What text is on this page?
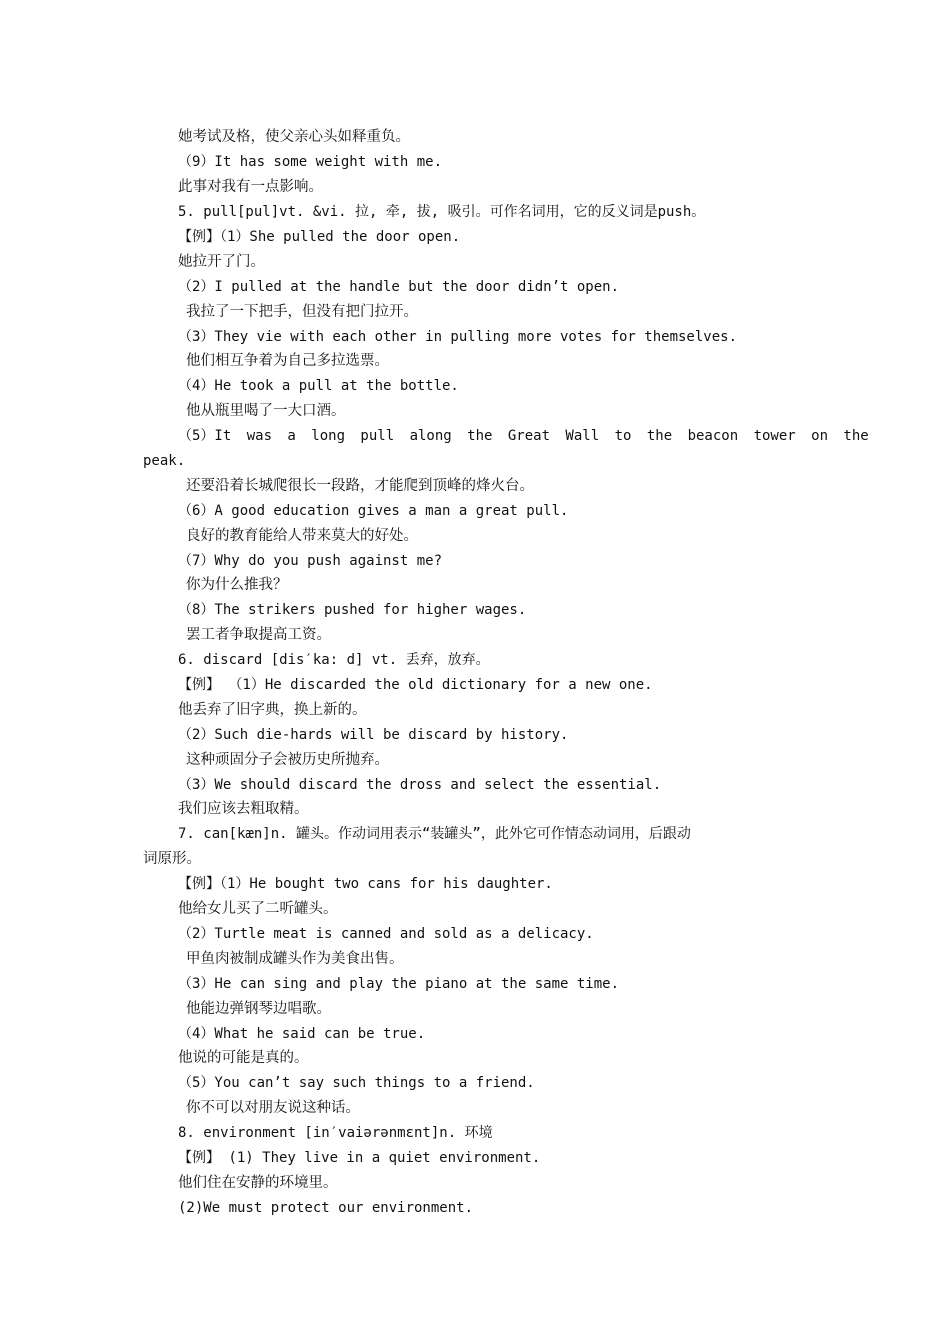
她考试及格，使父亲心头如释重负。
（9）It has some weight with me.
此事对我有一点影响。
5. pull[pul]vt. &vi. 拉, 牵, 拔, 吸引。可作名词用，它的反义词是push。
【例】（1）She pulled the door open.
她拉开了门。
（2）I pulled at the handle but the door didn’t open.
我拉了一下把手，但没有把门拉开。
（3）They vie with each other in pulling more votes for themselves.
他们相互争着为自己多拉选票。
（4）He took a pull at the bottle.
他从瓶里喝了一大口酒。
（5）It was a long pull along the Great Wall to the beacon tower on the
peak.
还要沿着长城爬很长一段路，才能爬到顶峰的烽火台。
（6）A good education gives a man a great pull.
良好的教育能给人带来莫大的好处。
（7）Why do you push against me?
你为什么推我？
（8）The strikers pushed for higher wages.
罢工者争取提高工资。
6. discard [dis′ka: d] vt. 丢弃，放弃。
【例】 （1）He discarded the old dictionary for a new one.
他丢弃了旧字典，换上新的。
（2）Such die-hards will be discard by history.
这种顽固分子会被历史所抛弃。
（3）We should discard the dross and select the essential.
我们应该去粗取精。
7. can[kæn]n. 罐头。作动词用表示“装罐头”，此外它可作情态动词用，后跟动
词原形。
【例】（1）He bought two cans for his daughter.
他给女儿买了二听罐头。
（2）Turtle meat is canned and sold as a delicacy.
甲鱼肉被制成罐头作为美食出售。
（3）He can sing and play the piano at the same time.
他能边弹钢琴边唱歌。
（4）What he said can be true.
他说的可能是真的。
（5）You can’t say such things to a friend.
你不可以对朋友说这种话。
8. environment [in′vaiərənmɛnt]n. 环境
【例】 (1) They live in a quiet environment.
他们住在安静的环境里。
(2)We must protect our environment.
